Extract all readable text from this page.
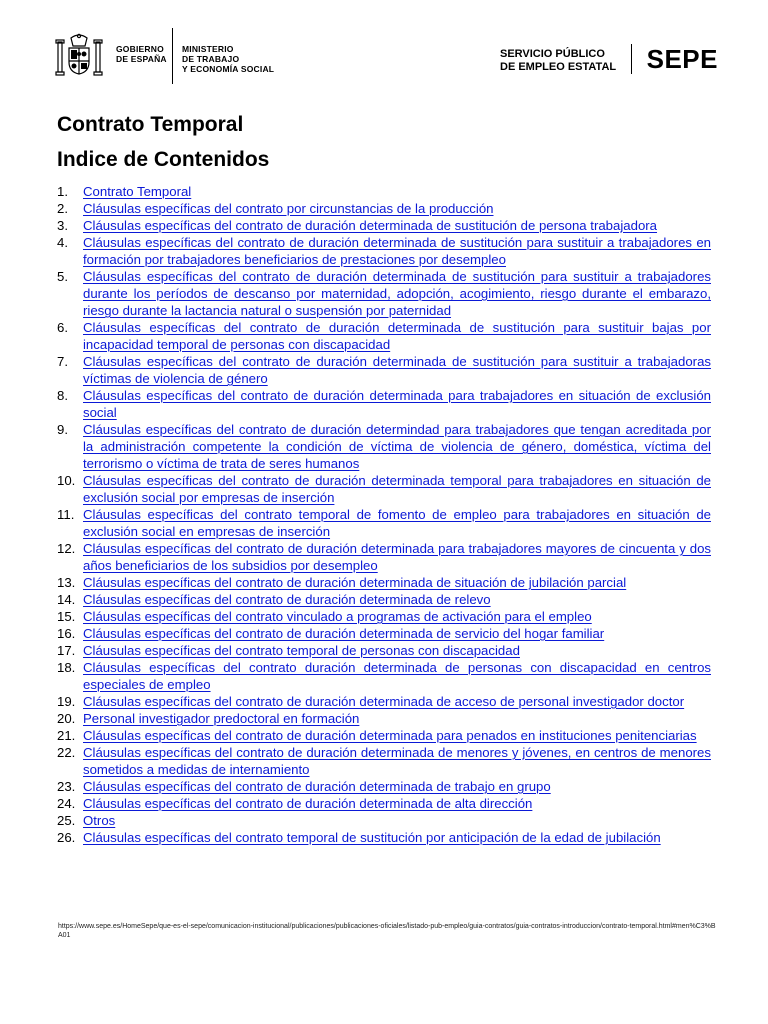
GOBIERNO
DE ESPAÑA
MINISTERIO
DE TRABAJO
Y ECONOMÍA SOCIAL
SERVICIO PÚBLICO
DE EMPLEO ESTATAL SEPE
Contrato Temporal
Indice de Contenidos
1.	Contrato Temporal
2.	Cláusulas específicas del contrato por circunstancias de la producción
3.	Cláusulas específicas del contrato de duración determinada de sustitución de persona trabajadora
4.	Cláusulas específicas del contrato de duración determinada de sustitución para sustituir a trabajadores en formación por trabajadores beneficiarios de prestaciones por desempleo
5.	Cláusulas específicas del contrato de duración determinada de sustitución para sustituir a trabajadores durante los períodos de descanso por maternidad, adopción, acogimiento, riesgo durante el embarazo, riesgo durante la lactancia natural o suspensión por paternidad
6.	Cláusulas específicas del contrato de duración determinada de sustitución para sustituir bajas por incapacidad temporal de personas con discapacidad
7.	Cláusulas específicas del contrato de duración determinada de sustitución para sustituir a trabajadoras víctimas de violencia de género
8.	Cláusulas específicas del contrato de duración determinada para trabajadores en situación de exclusión social
9.	Cláusulas específicas del contrato de duración determindad para trabajadores que tengan acreditada por la administración competente la condición de víctima de violencia de género, doméstica, víctima del terrorismo o víctima de trata de seres humanos
10. Cláusulas específicas del contrato de duración determinada temporal para trabajadores en situación de exclusión social por empresas de inserción
11. Cláusulas específicas del contrato temporal de fomento de empleo para trabajadores en situación de exclusión social en empresas de inserción
12. Cláusulas específicas del contrato de duración determinada para trabajadores mayores de cincuenta y dos años beneficiarios de los subsidios por desempleo
13. Cláusulas específicas del contrato de duración determinada de situación de jubilación parcial
14. Cláusulas específicas del contrato de duración determinada de relevo
15. Cláusulas específicas del contrato vinculado a programas de activación para el empleo
16. Cláusulas específicas del contrato de duración determinada de servicio del hogar familiar
17. Cláusulas específicas del contrato temporal de personas con discapacidad
18. Cláusulas específicas del contrato duración determinada de personas con discapacidad en centros especiales de empleo
19. Cláusulas específicas del contrato de duración determinada de acceso de personal investigador doctor
20. Personal investigador predoctoral en formación
21. Cláusulas específicas del contrato de duración determinada para penados en instituciones penitenciarias
22. Cláusulas específicas del contrato de duración determinada de menores y jóvenes, en centros de menores sometidos a medidas de internamiento
23. Cláusulas específicas del contrato de duración determinada de trabajo en grupo
24. Cláusulas específicas del contrato de duración determinada de alta dirección
25. Otros
26. Cláusulas específicas del contrato temporal de sustitución por anticipación de la edad de jubilación
https://www.sepe.es/HomeSepe/que-es-el-sepe/comunicacion-institucional/publicaciones/publicaciones-oficiales/listado-pub-empleo/guia-contratos/guia-contratos-introduccion/contrato-temporal.html#men%C3%BA01
